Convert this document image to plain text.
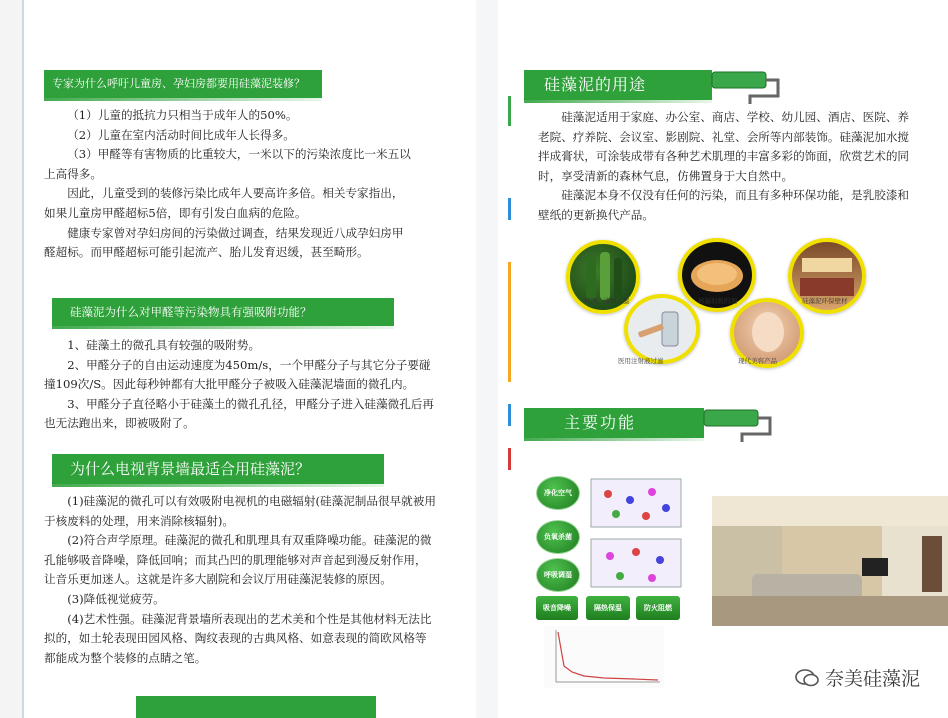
专家为什么呼吁儿童房、孕妇房都要用硅藻泥装修？

（1）儿童的抵抗力只相当于成年人的50%。

（2）儿童在室内活动时间比成年人长得多。

（3）甲醛等有害物质的比重较大，一米以下的污染浓度比一米五以上高得多。

因此，儿童受到的装修污染比成年人要高许多倍。相关专家指出，如果儿童房甲醛超标5倍，即有引发白血病的危险。

健康专家曾对孕妇房间的污染做过调查，结果发现近八成孕妇房甲醛超标。而甲醛超标可能引起流产、胎儿发育迟缓，甚至畸形。

硅藻泥为什么对甲醛等污染物具有强吸附功能？

1、硅藻土的微孔具有较强的吸附势。

2、甲醛分子的自由运动速度为450m/s，一个甲醛分子与其它分子要碰撞109次/S。因此每秒钟都有大批甲醛分子被吸入硅藻泥墙面的微孔内。

3、甲醛分子直径略小于硅藻土的微孔孔径，甲醛分子进入硅藻微孔后再也无法跑出来，即被吸附了。

为什么电视背景墙最适合用硅藻泥？

(1)硅藻泥的微孔可以有效吸附电视机的电磁辐射(硅藻泥制品很早就被用于核废料的处理，用来消除核辐射)。

(2)符合声学原理。硅藻泥的微孔和肌理具有双重降噪功能。硅藻泥的微孔能够吸音降噪，降低回响；而其凸凹的肌理能够对声音起到漫反射作用，让音乐更加迷人。这就是许多大剧院和会议厅用硅藻泥装修的原因。

(3)降低视觉疲劳。

(4)艺术性强。硅藻泥背景墙所表现出的艺术美和个性是其他材料无法比拟的，如土轮表现田园风格、陶纹表现的古典风格、如意表现的简欧风格等都能成为整个装修的点睛之笔。

硅藻泥的用途

硅藻泥适用于家庭、办公室、商店、学校、幼儿园、酒店、医院、养老院、疗养院、会议室、影剧院、礼堂、会所等内部装饰。硅藻泥加水搅拌成膏状，可涂装成带有各种艺术肌理的丰富多彩的饰面，欣赏艺术的同时，享受清新的森林气息，仿佛置身于大自然中。

硅藻泥本身不仅没有任何的污染，而且有多种环保功能，是乳胶漆和壁纸的更新换代产品。

啤酒、清精过滤	核辐射吸附剂	硅藻泥环保壁材
医用注射液过滤	现代美容产品
主要功能
净化空气
负氧杀菌
呼吸调湿
吸音降噪	隔热保温	防火阻燃
奈美硅藻泥
